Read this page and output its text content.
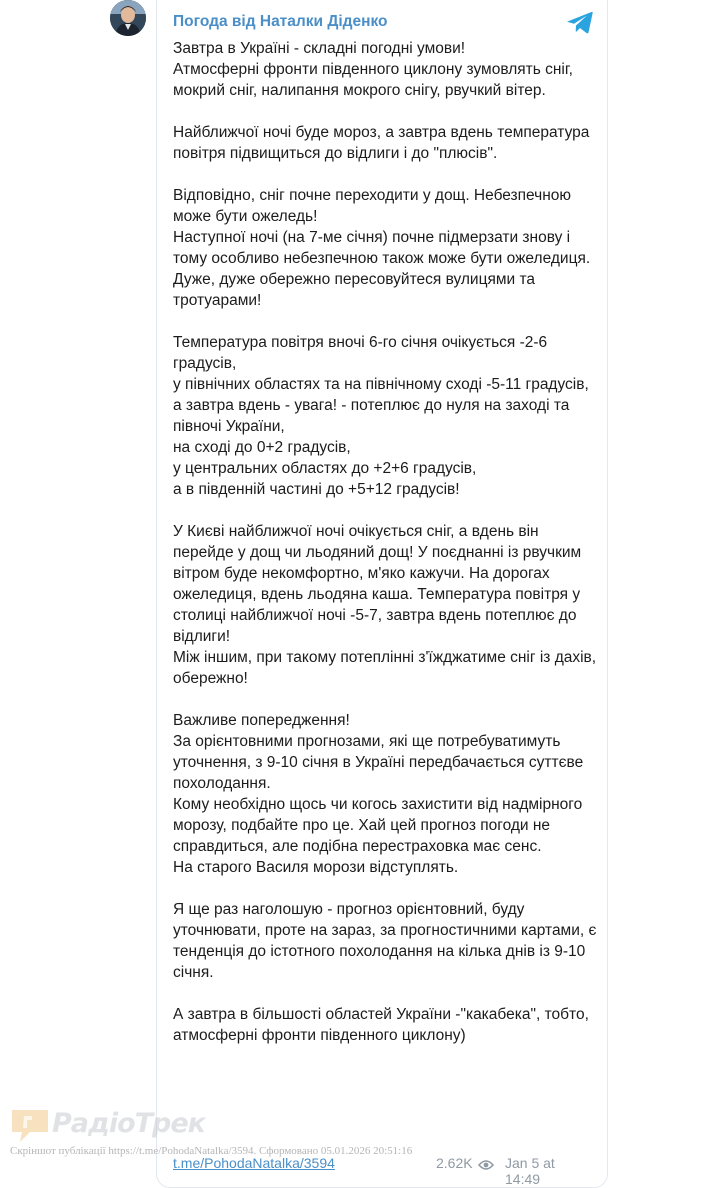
Погода від Наталки Діденко

Завтра в Україні - складні погодні умови!
Атмосферні фронти південного циклону зумовлять сніг, мокрий сніг, налипання мокрого снігу, рвучкий вітер.

Найближчої ночі буде мороз, а завтра вдень температура повітря підвищиться до відлиги і до "плюсів".

Відповідно, сніг почне переходити у дощ. Небезпечною може бути ожеледь!
Наступної ночі (на 7-ме січня) почне підмерзати знову і тому особливо небезпечною також може бути ожеледиця.
Дуже, дуже обережно пересовуйтеся вулицями та тротуарами!

Температура повітря вночі 6-го січня очікується -2-6 градусів,
у північних областях та на північному сході -5-11 градусів,
а завтра вдень - увага! - потеплює до нуля на заході та півночі України,
на сході до 0+2 градусів,
у центральних областях до +2+6 градусів,
а в південній частині до +5+12 градусів!

У Києві найближчої ночі очікується сніг, а вдень він перейде у дощ чи льодяний дощ! У поєднанні із рвучким вітром буде некомфортно, м'яко кажучи. На дорогах ожеледиця, вдень льодяна каша. Температура повітря у столиці найближчої ночі -5-7, завтра вдень потеплює до відлиги!
Між іншим, при такому потеплінні з'їжджатиме сніг із дахів, обережно!

Важливе попередження!
За орієнтовними прогнозами, які ще потребуватимуть уточнення, з 9-10 січня в Україні передбачається суттєве похолодання.
Кому необхідно щось чи когось захистити від надмірного морозу, подбайте про це. Хай цей прогноз погоди не справдиться, але подібна перестраховка має сенс.
На старого Василя морози відступлять.

Я ще раз наголошую - прогноз орієнтовний, буду уточнювати, проте на зараз, за прогностичними картами, є тенденція до істотного похолодання на кілька днів із 9-10 січня.

А завтра в більшості областей України -"какабека", тобто, атмосферні фронти південного циклону)

t.me/PohodaNatalka/3594	2.62K Jan 5 at 14:49
РадіоТрек
Скріншот публікації https://t.me/PohodaNatalka/3594. Сформовано 05.01.2026 20:51:16
